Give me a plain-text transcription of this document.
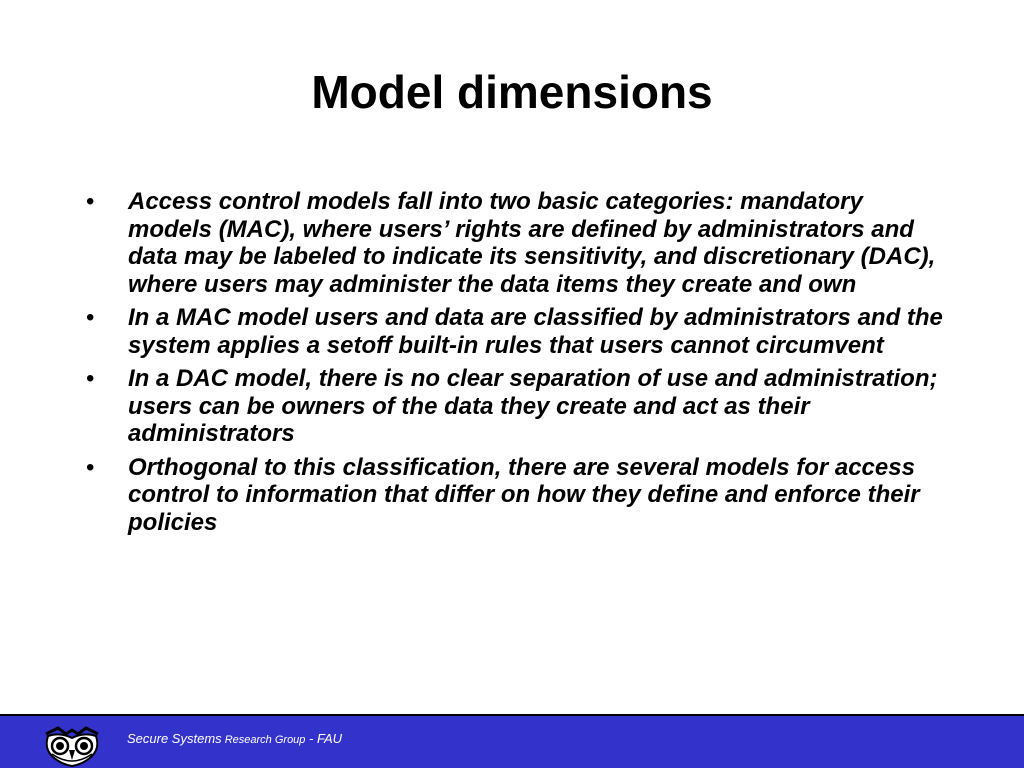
Model dimensions
• Access control models fall into two basic categories: mandatory models (MAC), where users’ rights are defined by administrators and data may be labeled to indicate its sensitivity, and discretionary (DAC), where users may administer the data items they create and own
• In a MAC model users and data are classified by administrators and the system applies a setoff built-in rules that users cannot circumvent
• In a DAC model, there is no clear separation of use and administration; users can be owners of the data they create and act as their administrators
• Orthogonal to this classification, there are several models for access control to information that differ on how they define and enforce their policies
Secure Systems Research Group - FAU
